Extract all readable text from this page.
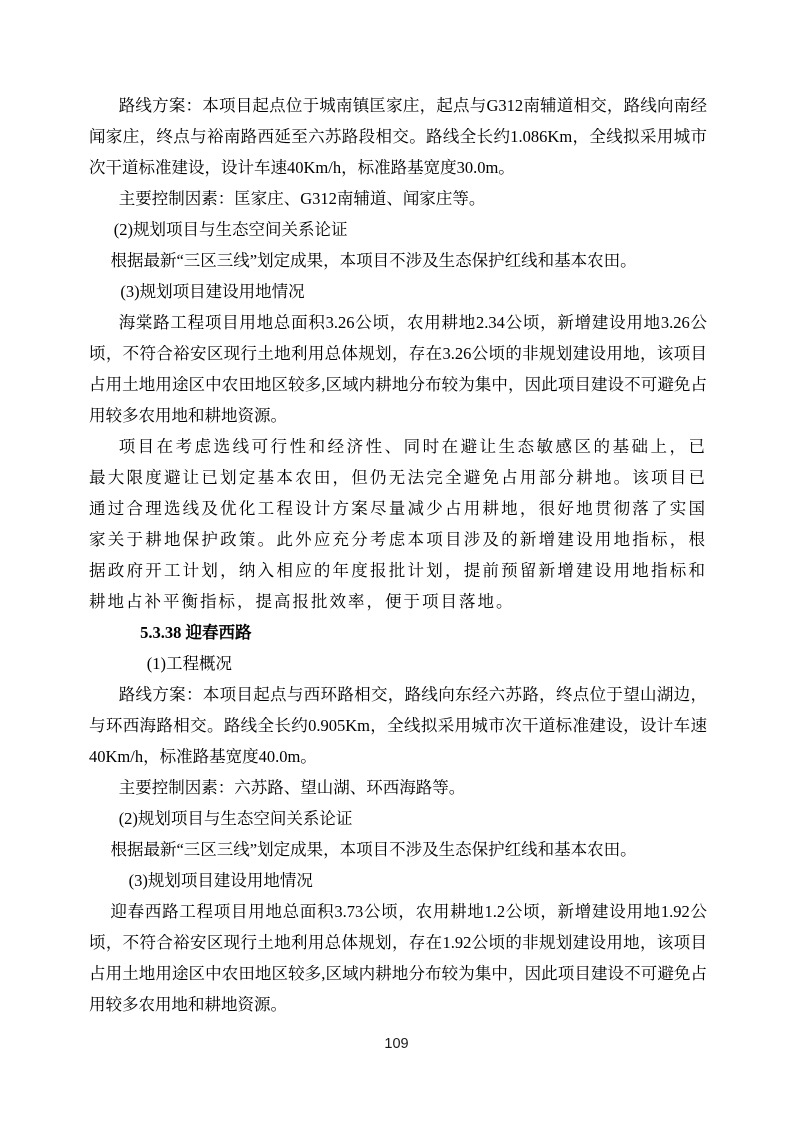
路线方案：本项目起点位于城南镇匡家庄，起点与G312南辅道相交，路线向南经闻家庄，终点与裕南路西延至六苏路段相交。路线全长约1.086Km，全线拟采用城市次干道标准建设，设计车速40Km/h，标准路基宽度30.0m。

主要控制因素：匡家庄、G312南辅道、闻家庄等。

(2)规划项目与生态空间关系论证

根据最新“三区三线”划定成果，本项目不涉及生态保护红线和基本农田。

(3)规划项目建设用地情况

海棠路工程项目用地总面积3.26公顷，农用耕地2.34公顷，新增建设用地3.26公顷，不符合裕安区现行土地利用总体规划，存在3.26公顷的非规划建设用地，该项目占用土地用途区中农田地区较多,区域内耕地分布较为集中，因此项目建设不可避免占用较多农用地和耕地资源。

项目在考虑选线可行性和经济性、同时在避让生态敏感区的基础上，已最大限度避让已划定基本农田，但仍无法完全避免占用部分耕地。该项目已通过合理选线及优化工程设计方案尽量减少占用耕地，很好地贯彻落了实国家关于耕地保护政策。此外应充分考虑本项目涉及的新增建设用地指标，根据政府开工计划，纳入相应的年度报批计划，提前预留新增建设用地指标和耕地占补平衡指标，提高报批效率，便于项目落地。

5.3.38 迎春西路

(1)工程概况

路线方案：本项目起点与西环路相交，路线向东经六苏路，终点位于望山湖边，与环西海路相交。路线全长约0.905Km，全线拟采用城市次干道标准建设，设计车速40Km/h，标准路基宽度40.0m。

主要控制因素：六苏路、望山湖、环西海路等。

(2)规划项目与生态空间关系论证

根据最新“三区三线”划定成果，本项目不涉及生态保护红线和基本农田。

(3)规划项目建设用地情况

迎春西路工程项目用地总面积3.73公顷，农用耕地1.2公顷，新增建设用地1.92公顷，不符合裕安区现行土地利用总体规划，存在1.92公顷的非规划建设用地，该项目占用土地用途区中农田地区较多,区域内耕地分布较为集中，因此项目建设不可避免占用较多农用地和耕地资源。

109
